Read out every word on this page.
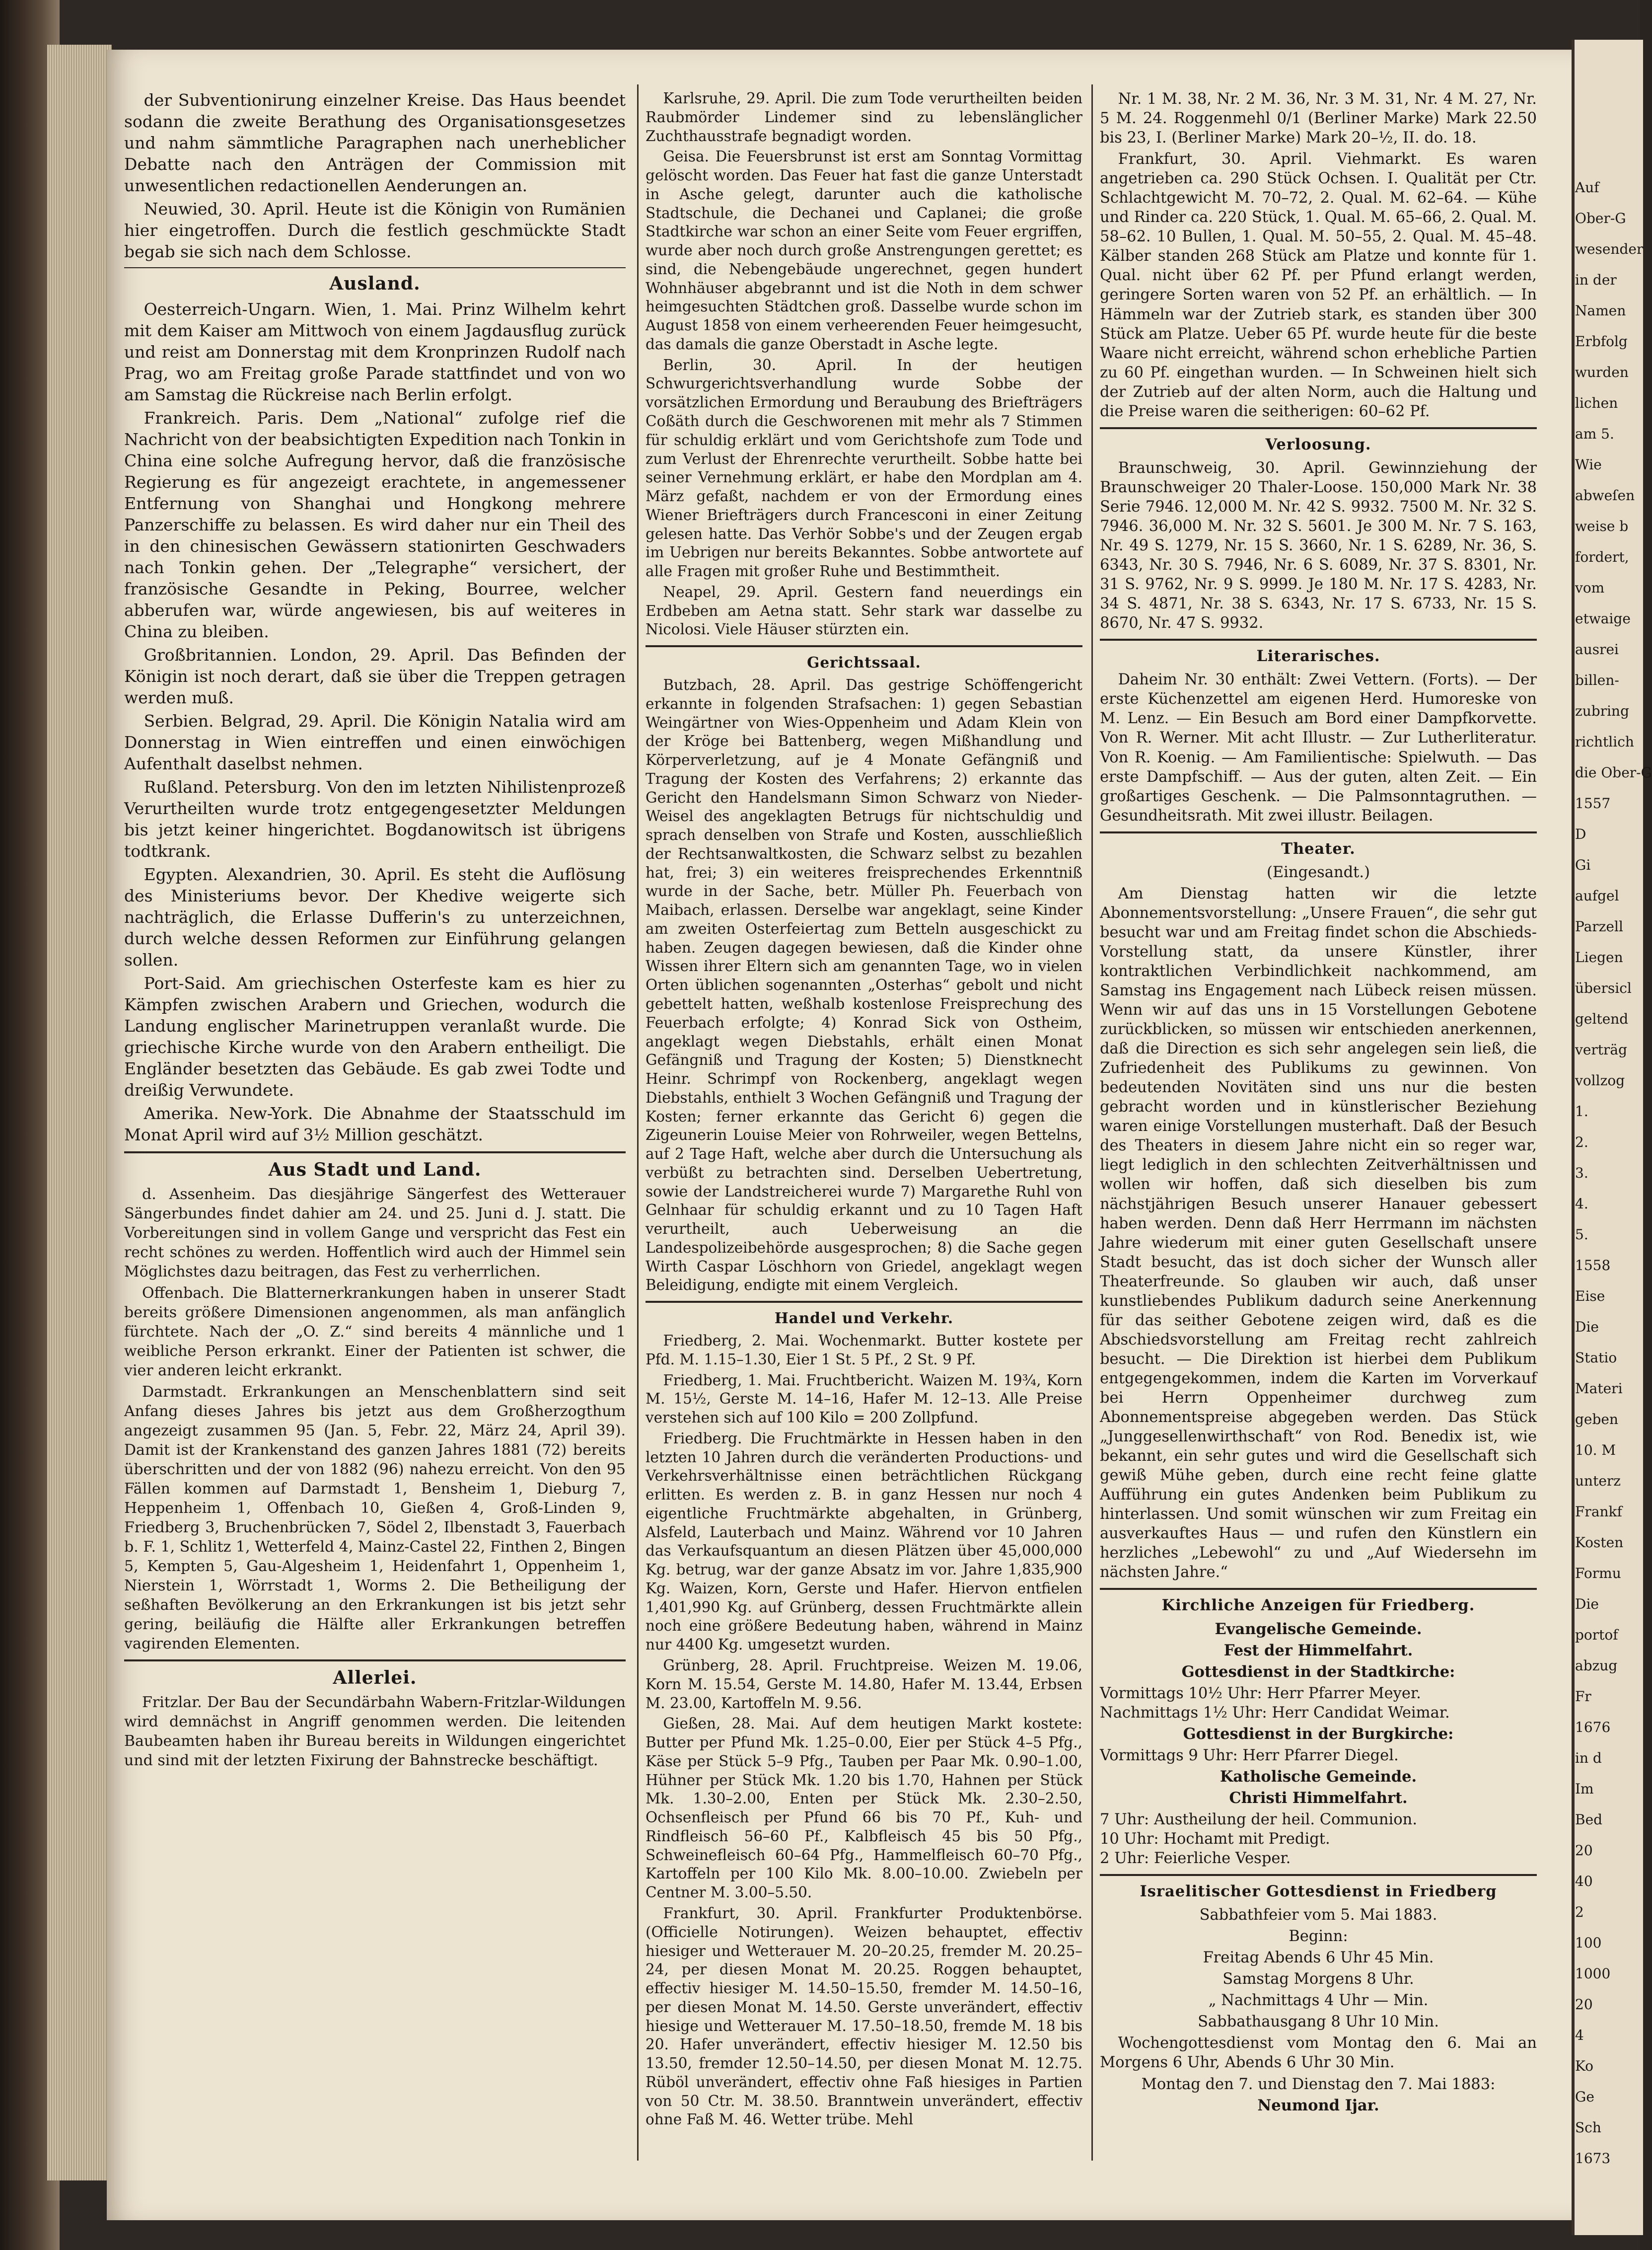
der Subventionirung einzelner Kreise. Das Haus beendet sodann die zweite Berathung des Organisationsgesetzes und nahm sämmtliche Paragraphen nach unerheblicher Debatte nach den Anträgen der Commission mit unwesentlichen redactionellen Aenderungen an.

Neuwied, 30. April. Heute ist die Königin von Rumänien hier eingetroffen. Durch die festlich geschmückte Stadt begab sie sich nach dem Schlosse.

Ausland.

Oesterreich-Ungarn. Wien, 1. Mai. Prinz Wilhelm kehrt mit dem Kaiser am Mittwoch von einem Jagdausflug zurück und reist am Donnerstag mit dem Kronprinzen Rudolf nach Prag, wo am Freitag große Parade stattfindet und von wo am Samstag die Rückreise nach Berlin erfolgt.

Frankreich. Paris. Dem „National“ zufolge rief die Nachricht von der beabsichtigten Expedition nach Tonkin in China eine solche Aufregung hervor, daß die französische Regierung es für angezeigt erachtete, in angemessener Entfernung von Shanghai und Hongkong mehrere Panzerschiffe zu belassen. Es wird daher nur ein Theil des in den chinesischen Gewässern stationirten Geschwaders nach Tonkin gehen. Der „Telegraphe“ versichert, der französische Gesandte in Peking, Bourree, welcher abberufen war, würde angewiesen, bis auf weiteres in China zu bleiben.

Großbritannien. London, 29. April. Das Befinden der Königin ist noch derart, daß sie über die Treppen getragen werden muß.

Serbien. Belgrad, 29. April. Die Königin Natalia wird am Donnerstag in Wien eintreffen und einen einwöchigen Aufenthalt daselbst nehmen.

Rußland. Petersburg. Von den im letzten Nihilistenprozeß Verurtheilten wurde trotz entgegengesetzter Meldungen bis jetzt keiner hingerichtet. Bogdanowitsch ist übrigens todtkrank.

Egypten. Alexandrien, 30. April. Es steht die Auflösung des Ministeriums bevor. Der Khedive weigerte sich nachträglich, die Erlasse Dufferin's zu unterzeichnen, durch welche dessen Reformen zur Einführung gelangen sollen.

Port-Said. Am griechischen Osterfeste kam es hier zu Kämpfen zwischen Arabern und Griechen, wodurch die Landung englischer Marinetruppen veranlaßt wurde. Die griechische Kirche wurde von den Arabern entheiligt. Die Engländer besetzten das Gebäude. Es gab zwei Todte und dreißig Verwundete.

Amerika. New-York. Die Abnahme der Staatsschuld im Monat April wird auf 3½ Million geschätzt.

Aus Stadt und Land.

d. Assenheim. Das diesjährige Sängerfest des Wetterauer Sängerbundes findet dahier am 24. und 25. Juni d. J. statt. Die Vorbereitungen sind in vollem Gange und verspricht das Fest ein recht schönes zu werden. Hoffentlich wird auch der Himmel sein Möglichstes dazu beitragen, das Fest zu verherrlichen.

Offenbach. Die Blatternerkrankungen haben in unserer Stadt bereits größere Dimensionen angenommen, als man anfänglich fürchtete. Nach der „O. Z.“ sind bereits 4 männliche und 1 weibliche Person erkrankt. Einer der Patienten ist schwer, die vier anderen leicht erkrankt.

Darmstadt. Erkrankungen an Menschenblattern sind seit Anfang dieses Jahres bis jetzt aus dem Großherzogthum angezeigt zusammen 95 (Jan. 5, Febr. 22, März 24, April 39). Damit ist der Krankenstand des ganzen Jahres 1881 (72) bereits überschritten und der von 1882 (96) nahezu erreicht. Von den 95 Fällen kommen auf Darmstadt 1, Bensheim 1, Dieburg 7, Heppenheim 1, Offenbach 10, Gießen 4, Groß-Linden 9, Friedberg 3, Bruchenbrücken 7, Södel 2, Ilbenstadt 3, Fauerbach b. F. 1, Schlitz 1, Wetterfeld 4, Mainz-Castel 22, Finthen 2, Bingen 5, Kempten 5, Gau-Algesheim 1, Heidenfahrt 1, Oppenheim 1, Nierstein 1, Wörrstadt 1, Worms 2. Die Betheiligung der seßhaften Bevölkerung an den Erkrankungen ist bis jetzt sehr gering, beiläufig die Hälfte aller Erkrankungen betreffen vagirenden Elementen.

Allerlei.

Fritzlar. Der Bau der Secundärbahn Wabern-Fritzlar-Wildungen wird demnächst in Angriff genommen werden. Die leitenden Baubeamten haben ihr Bureau bereits in Wildungen eingerichtet und sind mit der letzten Fixirung der Bahnstrecke beschäftigt.

Karlsruhe, 29. April. Die zum Tode verurtheilten beiden Raubmörder Lindemer sind zu lebenslänglicher Zuchthausstrafe begnadigt worden.

Geisa. Die Feuersbrunst ist erst am Sonntag Vormittag gelöscht worden. Das Feuer hat fast die ganze Unterstadt in Asche gelegt, darunter auch die katholische Stadtschule, die Dechanei und Caplanei; die große Stadtkirche war schon an einer Seite vom Feuer ergriffen, wurde aber noch durch große Anstrengungen gerettet; es sind, die Nebengebäude ungerechnet, gegen hundert Wohnhäuser abgebrannt und ist die Noth in dem schwer heimgesuchten Städtchen groß. Dasselbe wurde schon im August 1858 von einem verheerenden Feuer heimgesucht, das damals die ganze Oberstadt in Asche legte.

Berlin, 30. April. In der heutigen Schwurgerichtsverhandlung wurde Sobbe der vorsätzlichen Ermordung und Beraubung des Briefträgers Coßäth durch die Geschworenen mit mehr als 7 Stimmen für schuldig erklärt und vom Gerichtshofe zum Tode und zum Verlust der Ehrenrechte verurtheilt. Sobbe hatte bei seiner Vernehmung erklärt, er habe den Mordplan am 4. März gefaßt, nachdem er von der Ermordung eines Wiener Briefträgers durch Francesconi in einer Zeitung gelesen hatte. Das Verhör Sobbe's und der Zeugen ergab im Uebrigen nur bereits Bekanntes. Sobbe antwortete auf alle Fragen mit großer Ruhe und Bestimmtheit.

Neapel, 29. April. Gestern fand neuerdings ein Erdbeben am Aetna statt. Sehr stark war dasselbe zu Nicolosi. Viele Häuser stürzten ein.

Gerichtssaal.

Butzbach, 28. April. Das gestrige Schöffengericht erkannte in folgenden Strafsachen: 1) gegen Sebastian Weingärtner von Wies-Oppenheim und Adam Klein von der Kröge bei Battenberg, wegen Mißhandlung und Körperverletzung, auf je 4 Monate Gefängniß und Tragung der Kosten des Verfahrens; 2) erkannte das Gericht den Handelsmann Simon Schwarz von Nieder-Weisel des angeklagten Betrugs für nichtschuldig und sprach denselben von Strafe und Kosten, ausschließlich der Rechtsanwaltkosten, die Schwarz selbst zu bezahlen hat, frei; 3) ein weiteres freisprechendes Erkenntniß wurde in der Sache, betr. Müller Ph. Feuerbach von Maibach, erlassen. Derselbe war angeklagt, seine Kinder am zweiten Osterfeiertag zum Betteln ausgeschickt zu haben. Zeugen dagegen bewiesen, daß die Kinder ohne Wissen ihrer Eltern sich am genannten Tage, wo in vielen Orten üblichen sogenannten „Osterhas“ gebolt und nicht gebettelt hatten, weßhalb kostenlose Freisprechung des Feuerbach erfolgte; 4) Konrad Sick von Ostheim, angeklagt wegen Diebstahls, erhält einen Monat Gefängniß und Tragung der Kosten; 5) Dienstknecht Heinr. Schrimpf von Rockenberg, angeklagt wegen Diebstahls, enthielt 3 Wochen Gefängniß und Tragung der Kosten; ferner erkannte das Gericht 6) gegen die Zigeunerin Louise Meier von Rohrweiler, wegen Bettelns, auf 2 Tage Haft, welche aber durch die Untersuchung als verbüßt zu betrachten sind. Derselben Uebertretung, sowie der Landstreicherei wurde 7) Margarethe Ruhl von Gelnhaar für schuldig erkannt und zu 10 Tagen Haft verurtheilt, auch Ueberweisung an die Landespolizeibehörde ausgesprochen; 8) die Sache gegen Wirth Caspar Löschhorn von Griedel, angeklagt wegen Beleidigung, endigte mit einem Vergleich.

Handel und Verkehr.

Friedberg, 2. Mai. Wochenmarkt. Butter kostete per Pfd. M. 1.15–1.30, Eier 1 St. 5 Pf., 2 St. 9 Pf.

Friedberg, 1. Mai. Fruchtbericht. Waizen M. 19¾, Korn M. 15½, Gerste M. 14–16, Hafer M. 12–13. Alle Preise verstehen sich auf 100 Kilo = 200 Zollpfund.

Friedberg. Die Fruchtmärkte in Hessen haben in den letzten 10 Jahren durch die veränderten Productions- und Verkehrsverhältnisse einen beträchtlichen Rückgang erlitten. Es werden z. B. in ganz Hessen nur noch 4 eigentliche Fruchtmärkte abgehalten, in Grünberg, Alsfeld, Lauterbach und Mainz. Während vor 10 Jahren das Verkaufsquantum an diesen Plätzen über 45,000,000 Kg. betrug, war der ganze Absatz im vor. Jahre 1,835,900 Kg. Waizen, Korn, Gerste und Hafer. Hiervon entfielen 1,401,990 Kg. auf Grünberg, dessen Fruchtmärkte allein noch eine größere Bedeutung haben, während in Mainz nur 4400 Kg. umgesetzt wurden.

Grünberg, 28. April. Fruchtpreise. Weizen M. 19.06, Korn M. 15.54, Gerste M. 14.80, Hafer M. 13.44, Erbsen M. 23.00, Kartoffeln M. 9.56.

Gießen, 28. Mai. Auf dem heutigen Markt kostete: Butter per Pfund Mk. 1.25–0.00, Eier per Stück 4–5 Pfg., Käse per Stück 5–9 Pfg., Tauben per Paar Mk. 0.90–1.00, Hühner per Stück Mk. 1.20 bis 1.70, Hahnen per Stück Mk. 1.30–2.00, Enten per Stück Mk. 2.30–2.50, Ochsenfleisch per Pfund 66 bis 70 Pf., Kuh- und Rindfleisch 56–60 Pf., Kalbfleisch 45 bis 50 Pfg., Schweinefleisch 60–64 Pfg., Hammelfleisch 60–70 Pfg., Kartoffeln per 100 Kilo Mk. 8.00–10.00. Zwiebeln per Centner M. 3.00–5.50.

Frankfurt, 30. April. Frankfurter Produktenbörse. (Officielle Notirungen). Weizen behauptet, effectiv hiesiger und Wetterauer M. 20–20.25, fremder M. 20.25–24, per diesen Monat M. 20.25. Roggen behauptet, effectiv hiesiger M. 14.50–15.50, fremder M. 14.50–16, per diesen Monat M. 14.50. Gerste unverändert, effectiv hiesige und Wetterauer M. 17.50–18.50, fremde M. 18 bis 20. Hafer unverändert, effectiv hiesiger M. 12.50 bis 13.50, fremder 12.50–14.50, per diesen Monat M. 12.75. Rüböl unverändert, effectiv ohne Faß hiesiges in Partien von 50 Ctr. M. 38.50. Branntwein unverändert, effectiv ohne Faß M. 46. Wetter trübe. Mehl

Nr. 1 M. 38, Nr. 2 M. 36, Nr. 3 M. 31, Nr. 4 M. 27, Nr. 5 M. 24. Roggenmehl 0/1 (Berliner Marke) Mark 22.50 bis 23, I. (Berliner Marke) Mark 20–½, II. do. 18.

Frankfurt, 30. April. Viehmarkt. Es waren angetrieben ca. 290 Stück Ochsen. I. Qualität per Ctr. Schlachtgewicht M. 70–72, 2. Qual. M. 62–64. — Kühe und Rinder ca. 220 Stück, 1. Qual. M. 65–66, 2. Qual. M. 58–62. 10 Bullen, 1. Qual. M. 50–55, 2. Qual. M. 45–48. Kälber standen 268 Stück am Platze und konnte für 1. Qual. nicht über 62 Pf. per Pfund erlangt werden, geringere Sorten waren von 52 Pf. an erhältlich. — In Hämmeln war der Zutrieb stark, es standen über 300 Stück am Platze. Ueber 65 Pf. wurde heute für die beste Waare nicht erreicht, während schon erhebliche Partien zu 60 Pf. eingethan wurden. — In Schweinen hielt sich der Zutrieb auf der alten Norm, auch die Haltung und die Preise waren die seitherigen: 60–62 Pf.

Verloosung.

Braunschweig, 30. April. Gewinnziehung der Braunschweiger 20 Thaler-Loose. 150,000 Mark Nr. 38 Serie 7946. 12,000 M. Nr. 42 S. 9932. 7500 M. Nr. 32 S. 7946. 36,000 M. Nr. 32 S. 5601. Je 300 M. Nr. 7 S. 163, Nr. 49 S. 1279, Nr. 15 S. 3660, Nr. 1 S. 6289, Nr. 36, S. 6343, Nr. 30 S. 7946, Nr. 6 S. 6089, Nr. 37 S. 8301, Nr. 31 S. 9762, Nr. 9 S. 9999. Je 180 M. Nr. 17 S. 4283, Nr. 34 S. 4871, Nr. 38 S. 6343, Nr. 17 S. 6733, Nr. 15 S. 8670, Nr. 47 S. 9932.

Literarisches.

Daheim Nr. 30 enthält: Zwei Vettern. (Forts). — Der erste Küchenzettel am eigenen Herd. Humoreske von M. Lenz. — Ein Besuch am Bord einer Dampfkorvette. Von R. Werner. Mit acht Illustr. — Zur Lutherliteratur. Von R. Koenig. — Am Familientische: Spielwuth. — Das erste Dampfschiff. — Aus der guten, alten Zeit. — Ein großartiges Geschenk. — Die Palmsonntagruthen. — Gesundheitsrath. Mit zwei illustr. Beilagen.

Theater.

(Eingesandt.)

Am Dienstag hatten wir die letzte Abonnementsvorstellung: „Unsere Frauen“, die sehr gut besucht war und am Freitag findet schon die Abschieds-Vorstellung statt, da unsere Künstler, ihrer kontraktlichen Verbindlichkeit nachkommend, am Samstag ins Engagement nach Lübeck reisen müssen. Wenn wir auf das uns in 15 Vorstellungen Gebotene zurückblicken, so müssen wir entschieden anerkennen, daß die Direction es sich sehr angelegen sein ließ, die Zufriedenheit des Publikums zu gewinnen. Von bedeutenden Novitäten sind uns nur die besten gebracht worden und in künstlerischer Beziehung waren einige Vorstellungen musterhaft. Daß der Besuch des Theaters in diesem Jahre nicht ein so reger war, liegt lediglich in den schlechten Zeitverhältnissen und wollen wir hoffen, daß sich dieselben bis zum nächstjährigen Besuch unserer Hanauer gebessert haben werden. Denn daß Herr Herrmann im nächsten Jahre wiederum mit einer guten Gesellschaft unsere Stadt besucht, das ist doch sicher der Wunsch aller Theaterfreunde. So glauben wir auch, daß unser kunstliebendes Publikum dadurch seine Anerkennung für das seither Gebotene zeigen wird, daß es die Abschiedsvorstellung am Freitag recht zahlreich besucht. — Die Direktion ist hierbei dem Publikum entgegengekommen, indem die Karten im Vorverkauf bei Herrn Oppenheimer durchweg zum Abonnementspreise abgegeben werden. Das Stück „Junggesellenwirthschaft“ von Rod. Benedix ist, wie bekannt, ein sehr gutes und wird die Gesellschaft sich gewiß Mühe geben, durch eine recht feine glatte Aufführung ein gutes Andenken beim Publikum zu hinterlassen. Und somit wünschen wir zum Freitag ein ausverkauftes Haus — und rufen den Künstlern ein herzliches „Lebewohl“ zu und „Auf Wiedersehn im nächsten Jahre.“

Kirchliche Anzeigen für Friedberg.
Evangelische Gemeinde.
Fest der Himmelfahrt.
Gottesdienst in der Stadtkirche:

Vormittags 10½ Uhr: Herr Pfarrer Meyer.

Nachmittags 1½ Uhr: Herr Candidat Weimar.

Gottesdienst in der Burgkirche:

Vormittags 9 Uhr: Herr Pfarrer Diegel.

Katholische Gemeinde.
Christi Himmelfahrt.

7 Uhr: Austheilung der heil. Communion.

10 Uhr: Hochamt mit Predigt.

2 Uhr: Feierliche Vesper.

Israelitischer Gottesdienst in Friedberg

Sabbathfeier vom 5. Mai 1883.

Beginn:

Freitag Abends 6 Uhr 45 Min.

Samstag Morgens 8 Uhr.

„ Nachmittags 4 Uhr — Min.

Sabbathausgang 8 Uhr 10 Min.

Wochengottesdienst vom Montag den 6. Mai an Morgens 6 Uhr, Abends 6 Uhr 30 Min.

Montag den 7. und Dienstag den 7. Mai 1883:

Neumond Ijar.

Auf
Ober-G
wesender
in der
Namen
Erbfolg
wurden
lichen
am 5.
Wie
abweſen
weise b
fordert,
vom
etwaige
ausrei
billen-
zubring
richtlich
die Ober-G
1557
D
Gi
aufgel
Parzell
Liegen
übersicl
geltend
verträg
vollzog
1.
2.
3.
4.
5.
1558
Eise
Die
Statio
Materi
geben
10. M
unterz
Frankf
Kosten
Formu
Die
portof
abzug
Fr
1676
in d
Im
Bed
20
40
2
100
1000
20
4
Ko
Ge
Sch
1673
